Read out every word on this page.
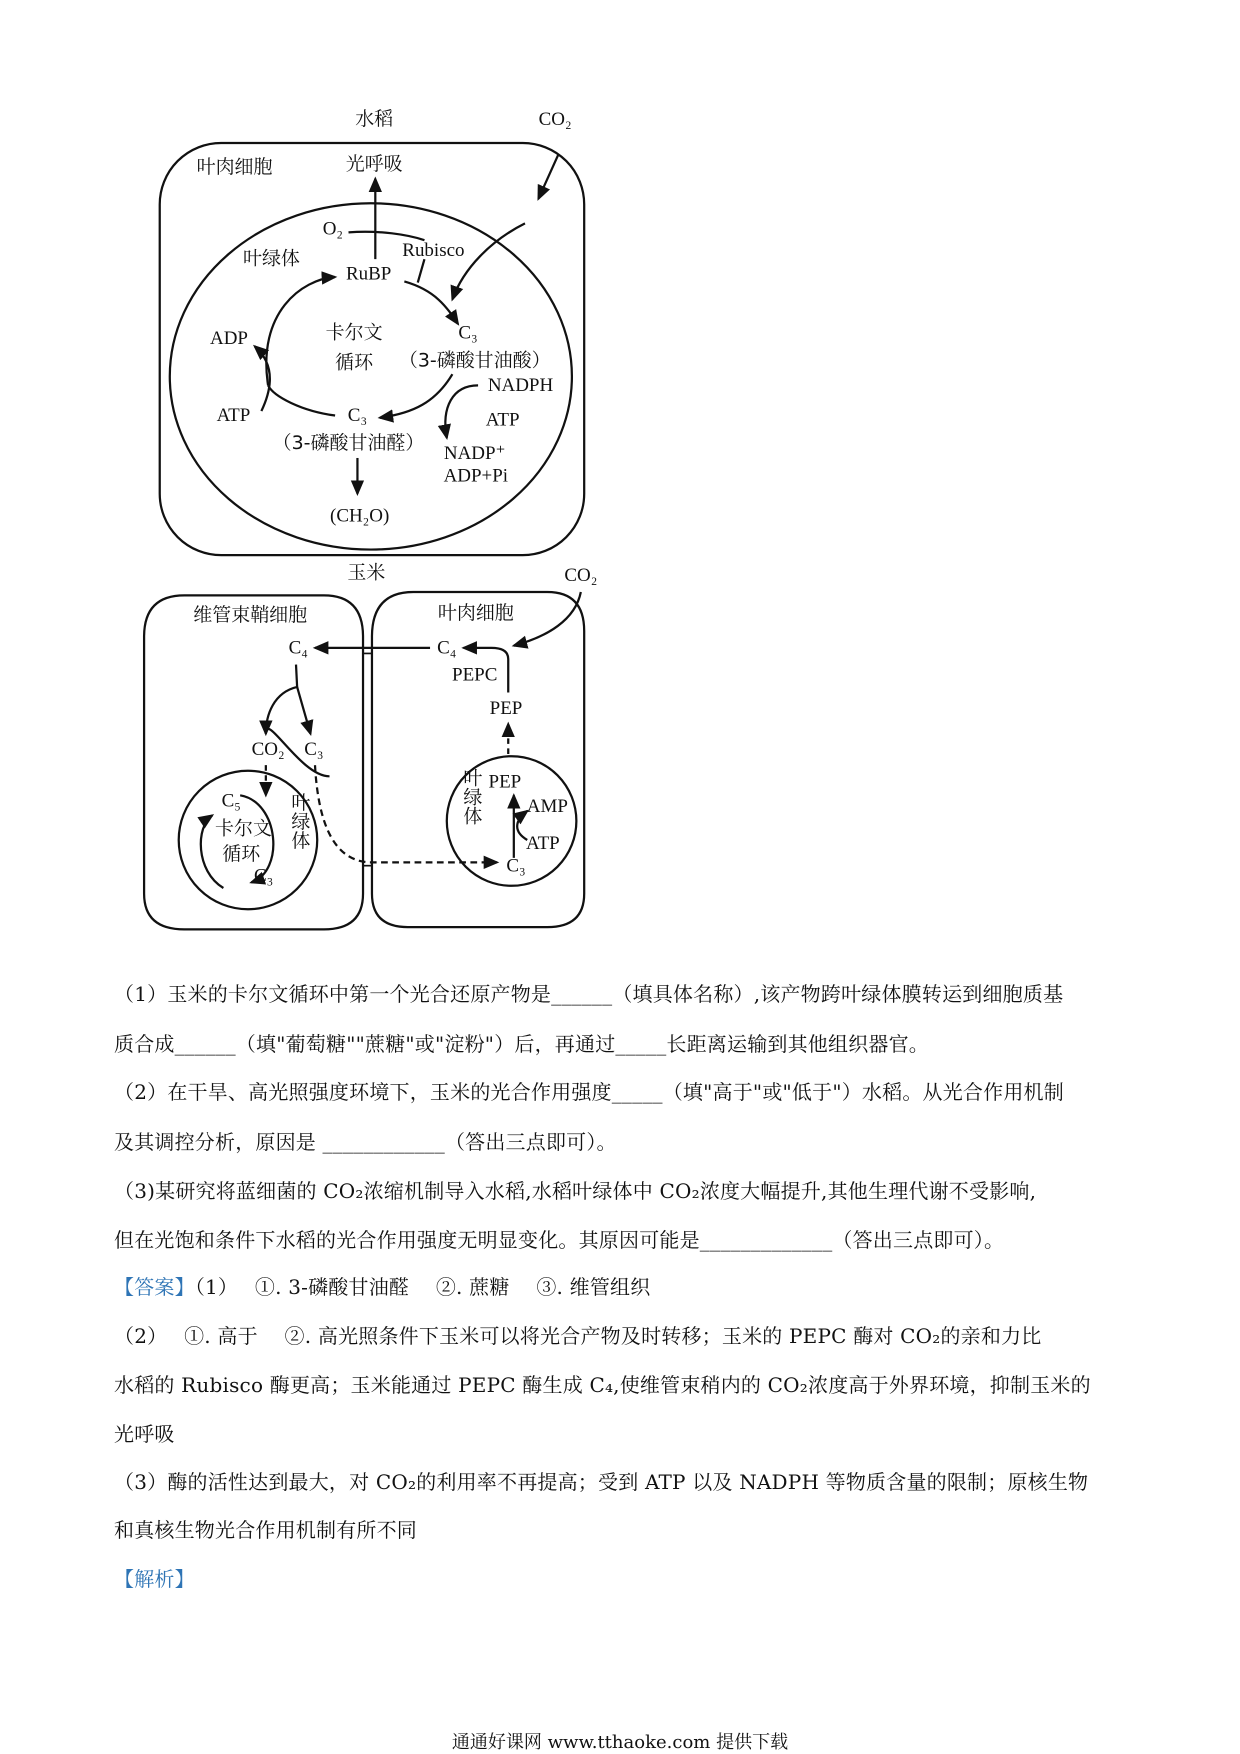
水稻	CO₂
叶肉细胞	光呼吸
O₂
Rubisco
叶绿体
RuBP
卡尔文
循环
C₃
（3-磷酸甘油酸）
NADPH
ADP
ATP	ATP
C₃
（3-磷酸甘油醛） NADP⁺
ADP+Pi
(CH₂O)
玉米	CO₂
维管束鞘细胞	叶肉细胞
C₄	C₄
PEPC
PEP
CO₂ C₃
C₅
卡尔文
循环
C₃
叶绿体
PEP
叶绿体	AMP
ATP
C₃
（1）玉米的卡尔文循环中第一个光合还原产物是______（填具体名称）,该产物跨叶绿体膜转运到细胞质基
质合成______（填"葡萄糖""蔗糖"或"淀粉"）后，再通过_____长距离运输到其他组织器官。
（2）在干旱、高光照强度环境下，玉米的光合作用强度_____（填"高于"或"低于"）水稻。从光合作用机制
及其调控分析，原因是 ____________（答出三点即可）。
（3)某研究将蓝细菌的 CO₂浓缩机制导入水稻,水稻叶绿体中 CO₂浓度大幅提升,其他生理代谢不受影响,
但在光饱和条件下水稻的光合作用强度无明显变化。其原因可能是_____________（答出三点即可）。
【答案】（1）　 ①. 3-磷酸甘油醛　 ②. 蔗糖　 ③. 维管组织
（2）　 ①. 高于　 ②. 高光照条件下玉米可以将光合产物及时转移；玉米的 PEPC 酶对 CO₂的亲和力比
水稻的 Rubisco 酶更高；玉米能通过 PEPC 酶生成 C₄,使维管束稍内的 CO₂浓度高于外界环境，抑制玉米的
光呼吸
（3）酶的活性达到最大，对 CO₂的利用率不再提高；受到 ATP 以及 NADPH 等物质含量的限制；原核生物
和真核生物光合作用机制有所不同
【解析】
通通好课网 www.tthaoke.com 提供下载
